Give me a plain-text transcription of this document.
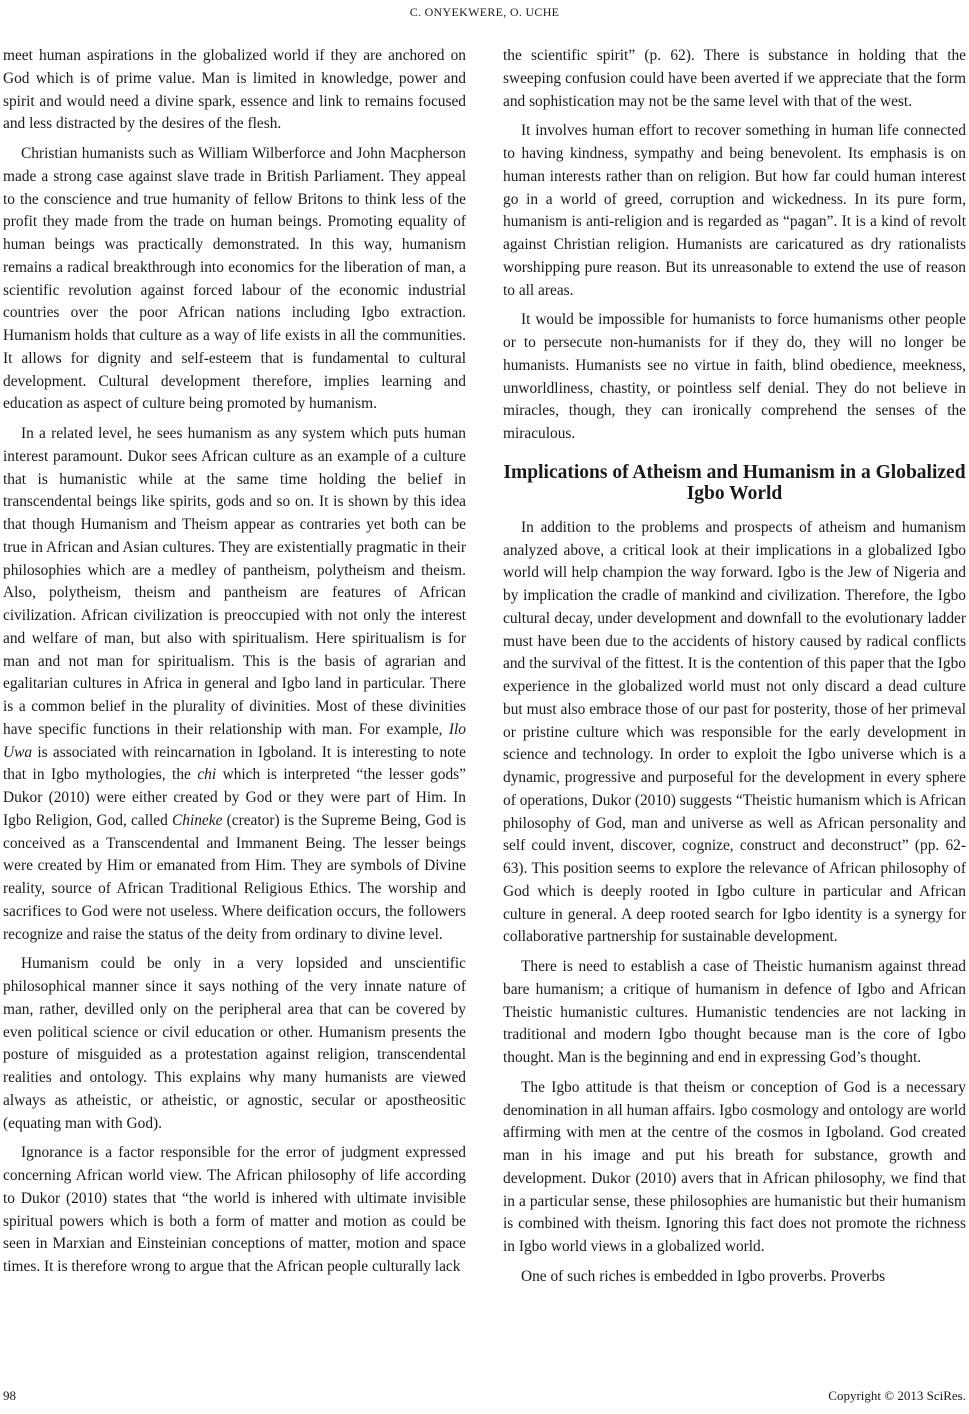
C. ONYEKWERE, O. UCHE

meet human aspirations in the globalized world if they are anchored on God which is of prime value. Man is limited in knowledge, power and spirit and would need a divine spark, essence and link to remains focused and less distracted by the desires of the flesh.

Christian humanists such as William Wilberforce and John Macpherson made a strong case against slave trade in British Parliament. They appeal to the conscience and true humanity of fellow Britons to think less of the profit they made from the trade on human beings. Promoting equality of human beings was practically demonstrated. In this way, humanism remains a radical breakthrough into economics for the liberation of man, a scientific revolution against forced labour of the economic industrial countries over the poor African nations including Igbo extraction. Humanism holds that culture as a way of life exists in all the communities. It allows for dignity and self-esteem that is fundamental to cultural development. Cultural development therefore, implies learning and education as aspect of culture being promoted by humanism.

In a related level, he sees humanism as any system which puts human interest paramount. Dukor sees African culture as an example of a culture that is humanistic while at the same time holding the belief in transcendental beings like spirits, gods and so on. It is shown by this idea that though Humanism and Theism appear as contraries yet both can be true in African and Asian cultures. They are existentially pragmatic in their philosophies which are a medley of pantheism, polytheism and theism. Also, polytheism, theism and pantheism are features of African civilization. African civilization is preoccupied with not only the interest and welfare of man, but also with spiritualism. Here spiritualism is for man and not man for spiritualism. This is the basis of agrarian and egalitarian cultures in Africa in general and Igbo land in particular. There is a common belief in the plurality of divinities. Most of these divinities have specific functions in their relationship with man. For example, Ilo Uwa is associated with reincarnation in Igboland. It is interesting to note that in Igbo mythologies, the chi which is interpreted “the lesser gods” Dukor (2010) were either created by God or they were part of Him. In Igbo Religion, God, called Chineke (creator) is the Supreme Being, God is conceived as a Transcendental and Immanent Being. The lesser beings were created by Him or emanated from Him. They are symbols of Divine reality, source of African Traditional Religious Ethics. The worship and sacrifices to God were not useless. Where deification occurs, the followers recognize and raise the status of the deity from ordinary to divine level.

Humanism could be only in a very lopsided and unscientific philosophical manner since it says nothing of the very innate nature of man, rather, devilled only on the peripheral area that can be covered by even political science or civil education or other. Humanism presents the posture of misguided as a protestation against religion, transcendental realities and ontology. This explains why many humanists are viewed always as atheistic, or atheistic, or agnostic, secular or apostheositic (equating man with God).

Ignorance is a factor responsible for the error of judgment expressed concerning African world view. The African philosophy of life according to Dukor (2010) states that “the world is inhered with ultimate invisible spiritual powers which is both a form of matter and motion as could be seen in Marxian and Einsteinian conceptions of matter, motion and space times. It is therefore wrong to argue that the African people culturally lack

the scientific spirit” (p. 62). There is substance in holding that the sweeping confusion could have been averted if we appreciate that the form and sophistication may not be the same level with that of the west.

It involves human effort to recover something in human life connected to having kindness, sympathy and being benevolent. Its emphasis is on human interests rather than on religion. But how far could human interest go in a world of greed, corruption and wickedness. In its pure form, humanism is anti-religion and is regarded as “pagan”. It is a kind of revolt against Christian religion. Humanists are caricatured as dry rationalists worshipping pure reason. But its unreasonable to extend the use of reason to all areas.

It would be impossible for humanists to force humanisms other people or to persecute non-humanists for if they do, they will no longer be humanists. Humanists see no virtue in faith, blind obedience, meekness, unworldliness, chastity, or pointless self denial. They do not believe in miracles, though, they can ironically comprehend the senses of the miraculous.

Implications of Atheism and Humanism in a Globalized Igbo World

In addition to the problems and prospects of atheism and humanism analyzed above, a critical look at their implications in a globalized Igbo world will help champion the way forward. Igbo is the Jew of Nigeria and by implication the cradle of mankind and civilization. Therefore, the Igbo cultural decay, under development and downfall to the evolutionary ladder must have been due to the accidents of history caused by radical conflicts and the survival of the fittest. It is the contention of this paper that the Igbo experience in the globalized world must not only discard a dead culture but must also embrace those of our past for posterity, those of her primeval or pristine culture which was responsible for the early development in science and technology. In order to exploit the Igbo universe which is a dynamic, progressive and purposeful for the development in every sphere of operations, Dukor (2010) suggests “Theistic humanism which is African philosophy of God, man and universe as well as African personality and self could invent, discover, cognize, construct and deconstruct” (pp. 62-63). This position seems to explore the relevance of African philosophy of God which is deeply rooted in Igbo culture in particular and African culture in general. A deep rooted search for Igbo identity is a synergy for collaborative partnership for sustainable development.

There is need to establish a case of Theistic humanism against thread bare humanism; a critique of humanism in defence of Igbo and African Theistic humanistic cultures. Humanistic tendencies are not lacking in traditional and modern Igbo thought because man is the core of Igbo thought. Man is the beginning and end in expressing God’s thought.

The Igbo attitude is that theism or conception of God is a necessary denomination in all human affairs. Igbo cosmology and ontology are world affirming with men at the centre of the cosmos in Igboland. God created man in his image and put his breath for substance, growth and development. Dukor (2010) avers that in African philosophy, we find that in a particular sense, these philosophies are humanistic but their humanism is combined with theism. Ignoring this fact does not promote the richness in Igbo world views in a globalized world.

One of such riches is embedded in Igbo proverbs. Proverbs

98	Copyright © 2013 SciRes.
